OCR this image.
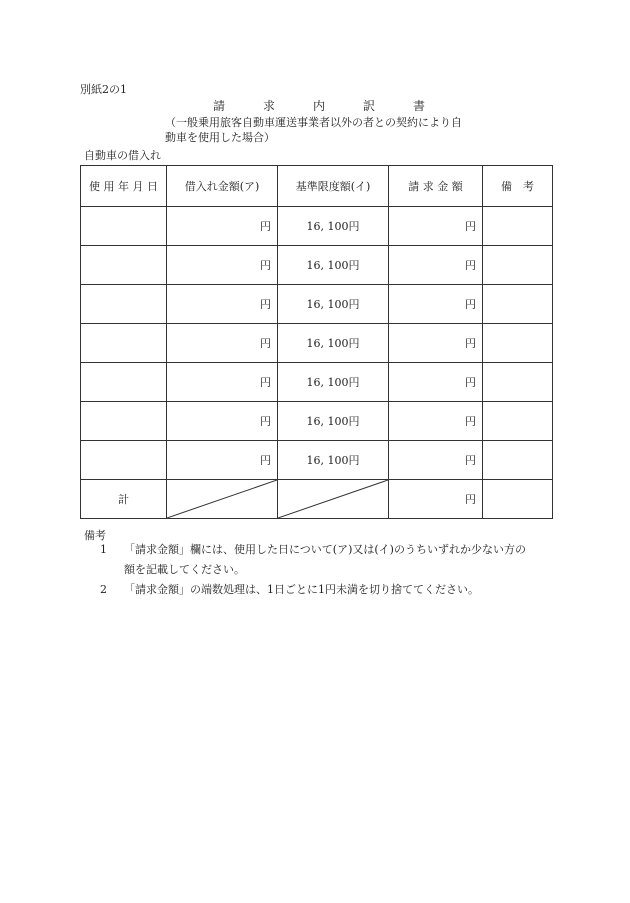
別紙2の1
請	求	内	訳	書
（一般乗用旅客自動車運送事業者以外の者との契約により自動車を使用した場合）
自動車の借入れ
使 用 年 月 日	借入れ金額(ア)	基準限度額(イ)	請 求 金 額	備　考
	円	16, 100円	円	
	円	16, 100円	円	
	円	16, 100円	円	
	円	16, 100円	円	
	円	16, 100円	円	
	円	16, 100円	円	
	円	16, 100円	円	
計			円	
備考
1 「請求金額」欄には、使用した日について(ア)又は(イ)のうちいずれか少ない方の
額を記載してください。
2 「請求金額」の端数処理は、1日ごとに1円未満を切り捨ててください。
